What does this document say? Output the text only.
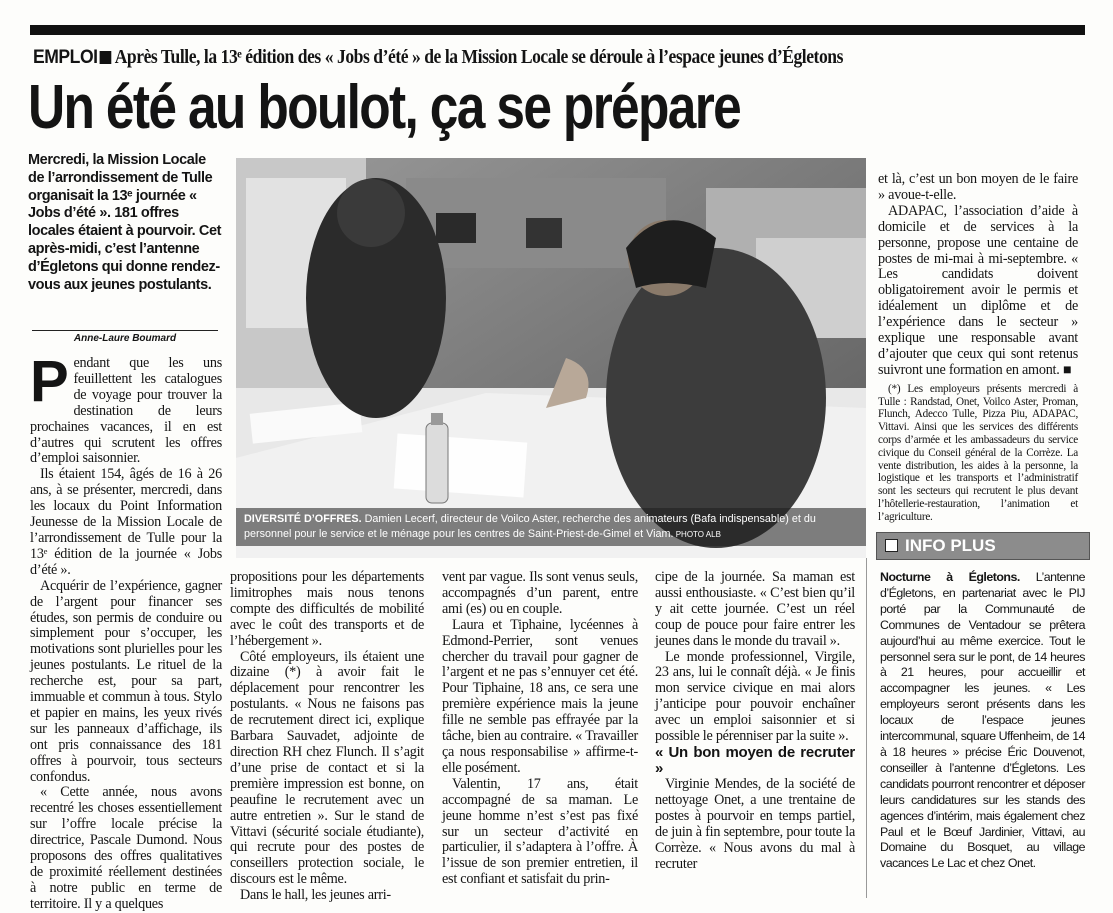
EMPLOI Après Tulle, la 13ᵉ édition des « Jobs d’été » de la Mission Locale se déroule à l’espace jeunes d’Égletons
Un été au boulot, ça se prépare

Mercredi, la Mission Locale de l’arrondissement de Tulle organisait la 13ᵉ journée « Jobs d’été ». 181 offres locales étaient à pourvoir. Cet après-midi, c’est l’antenne d’Égletons qui donne rendez-vous aux jeunes postulants.

Anne-Laure Boumard
P endant que les uns feuillettent les catalogues de voyage pour trouver la destination de leurs prochaines vacances, il en est d’autres qui scrutent les offres d’emploi saisonnier.

Ils étaient 154, âgés de 16 à 26 ans, à se présenter, mercredi, dans les locaux du Point Information Jeunesse de la Mission Locale de l’arrondissement de Tulle pour la 13ᵉ édition de la journée « Jobs d’été ».

Acquérir de l’expérience, gagner de l’argent pour financer ses études, son permis de conduire ou simplement pour s’occuper, les motivations sont plurielles pour les jeunes postulants. Le rituel de la recherche est, pour sa part, immuable et commun à tous. Stylo et papier en mains, les yeux rivés sur les panneaux d’affichage, ils ont pris connaissance des 181 offres à pourvoir, tous secteurs confondus.

« Cette année, nous avons recentré les choses essentiellement sur l’offre locale précise la directrice, Pascale Dumond. Nous proposons des offres qualitatives de proximité réellement destinées à notre public en terme de territoire. Il y a quelques

DIVERSITÉ D’OFFRES. Damien Lecerf, directeur de Voilco Aster, recherche des animateurs (Bafa indispensable) et du personnel pour le service et le ménage pour les centres de Saint-Priest-de-Gimel et Viam. PHOTO ALB

propositions pour les départements limitrophes mais nous tenons compte des difficultés de mobilité avec le coût des transports et de l’hébergement ».

Côté employeurs, ils étaient une dizaine (*) à avoir fait le déplacement pour rencontrer les postulants. « Nous ne faisons pas de recrutement direct ici, explique Barbara Sauvadet, adjointe de direction RH chez Flunch. Il s’agit d’une prise de contact et si la première impression est bonne, on peaufine le recrutement avec un autre entretien ». Sur le stand de Vittavi (sécurité sociale étudiante), qui recrute pour des postes de conseillers protection sociale, le discours est le même.

Dans le hall, les jeunes arri-

vent par vague. Ils sont venus seuls, accompagnés d’un parent, entre ami (es) ou en couple.

Laura et Tiphaine, lycéennes à Edmond-Perrier, sont venues chercher du travail pour gagner de l’argent et ne pas s’ennuyer cet été. Pour Tiphaine, 18 ans, ce sera une première expérience mais la jeune fille ne semble pas effrayée par la tâche, bien au contraire. « Travailler ça nous responsabilise » affirme-t-elle posément.

Valentin, 17 ans, était accompagné de sa maman. Le jeune homme n’est s’est pas fixé sur un secteur d’activité en particulier, il s’adaptera à l’offre. À l’issue de son premier entretien, il est confiant et satisfait du prin-

cipe de la journée. Sa maman est aussi enthousiaste. « C’est bien qu’il y ait cette journée. C’est un réel coup de pouce pour faire entrer les jeunes dans le monde du travail ».

Le monde professionnel, Virgile, 23 ans, lui le connaît déjà. « Je finis mon service civique en mai alors j’anticipe pour pouvoir enchaîner avec un emploi saisonnier et si possible le pérenniser par la suite ».

« Un bon moyen de recruter »

Virginie Mendes, de la société de nettoyage Onet, a une trentaine de postes à pourvoir en temps partiel, de juin à fin septembre, pour toute la Corrèze. « Nous avons du mal à recruter

et là, c’est un bon moyen de le faire » avoue-t-elle.

ADAPAC, l’association d’aide à domicile et de services à la personne, propose une centaine de postes de mi-mai à mi-septembre. « Les candidats doivent obligatoirement avoir le permis et idéalement un diplôme et de l’expérience dans le secteur » explique une responsable avant d’ajouter que ceux qui sont retenus suivront une formation en amont. ■

(*) Les employeurs présents mercredi à Tulle : Randstad, Onet, Voilco Aster, Proman, Flunch, Adecco Tulle, Pizza Piu, ADAPAC, Vittavi. Ainsi que les services des différents corps d’armée et les ambassadeurs du service civique du Conseil général de la Corrèze. La vente distribution, les aides à la personne, la logistique et les transports et l’administratif sont les secteurs qui recrutent le plus devant l’hôtellerie-restauration, l’animation et l’agriculture.

INFO PLUS

Nocturne à Égletons. L’antenne d’Égletons, en partenariat avec le PIJ porté par la Communauté de Communes de Ventadour se prêtera aujourd’hui au même exercice. Tout le personnel sera sur le pont, de 14 heures à 21 heures, pour accueillir et accompagner les jeunes. « Les employeurs seront présents dans les locaux de l’espace jeunes intercommunal, square Uffenheim, de 14 à 18 heures » précise Éric Douvenot, conseiller à l’antenne d’Égletons. Les candidats pourront rencontrer et déposer leurs candidatures sur les stands des agences d’intérim, mais également chez Paul et le Bœuf Jardinier, Vittavi, au Domaine du Bosquet, au village vacances Le Lac et chez Onet.
